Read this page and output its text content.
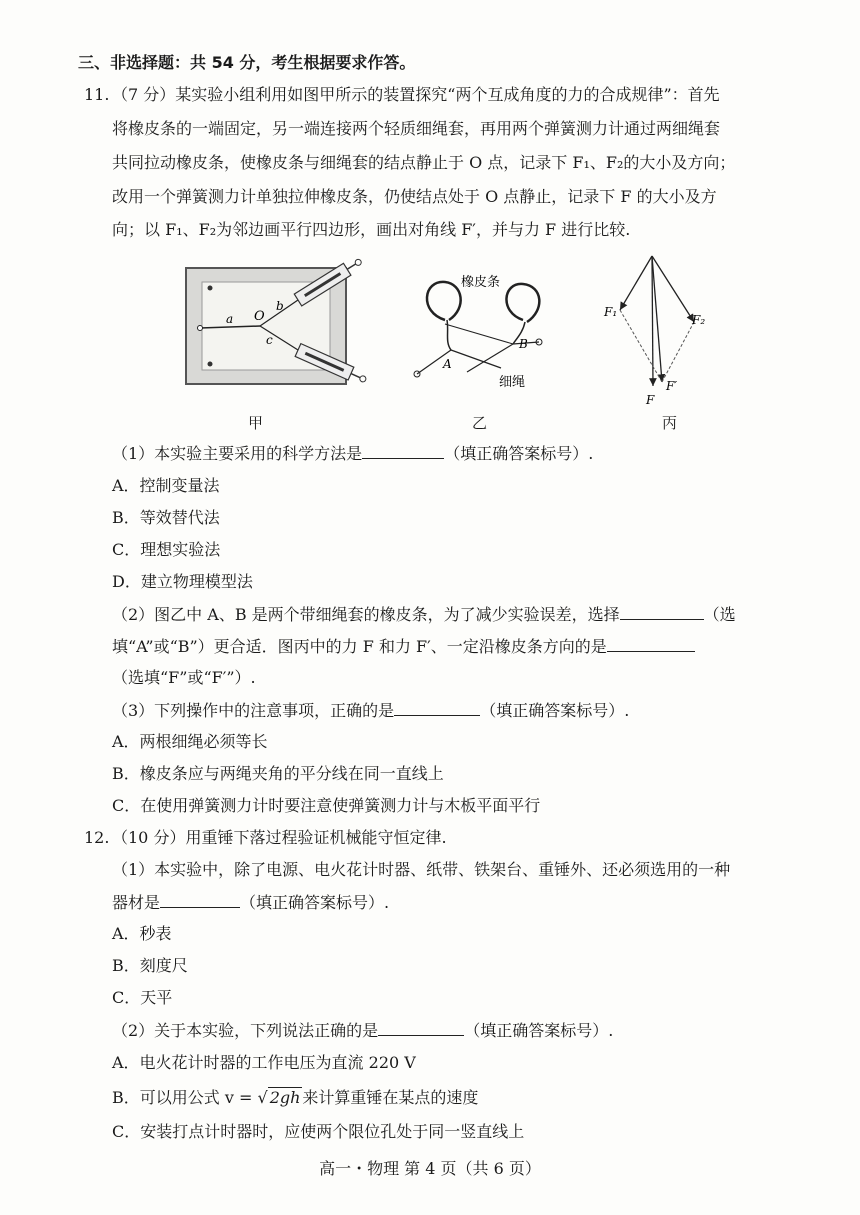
三、非选择题：共 54 分，考生根据要求作答。
11. （7 分）某实验小组利用如图甲所示的装置探究“两个互成角度的力的合成规律”：首先
将橡皮条的一端固定，另一端连接两个轻质细绳套，再用两个弹簧测力计通过两细绳套
共同拉动橡皮条，使橡皮条与细绳套的结点静止于 O 点，记录下 F₁、F₂的大小及方向；
改用一个弹簧测力计单独拉伸橡皮条，仍使结点处于 O 点静止，记录下 F 的大小及方
向；以 F₁、F₂为邻边画平行四边形，画出对角线 F′，并与力 F 进行比较.
a
b
c
O
甲
橡皮条
细绳
A
B
乙
F₁
F₂
F
F′
丙
（1）本实验主要采用的科学方法是	（填正确答案标号）.
A．控制变量法
B．等效替代法
C．理想实验法
D．建立物理模型法
（2）图乙中 A、B 是两个带细绳套的橡皮条，为了减少实验误差，选择	（选
填“A”或“B”）更合适．图丙中的力 F 和力 F′、一定沿橡皮条方向的是
（选填“F”或“F′”）.
（3）下列操作中的注意事项，正确的是	（填正确答案标号）.
A．两根细绳必须等长
B．橡皮条应与两绳夹角的平分线在同一直线上
C．在使用弹簧测力计时要注意使弹簧测力计与木板平面平行
12. （10 分）用重锤下落过程验证机械能守恒定律.
（1）本实验中，除了电源、电火花计时器、纸带、铁架台、重锤外、还必须选用的一种
器材是	（填正确答案标号）.
A．秒表
B．刻度尺
C．天平
（2）关于本实验，下列说法正确的是	（填正确答案标号）.
A．电火花计时器的工作电压为直流 220 V
B．可以用公式 v = √ 2gh 来计算重锤在某点的速度
C．安装打点计时器时，应使两个限位孔处于同一竖直线上
高一・物理 第 4 页（共 6 页）
